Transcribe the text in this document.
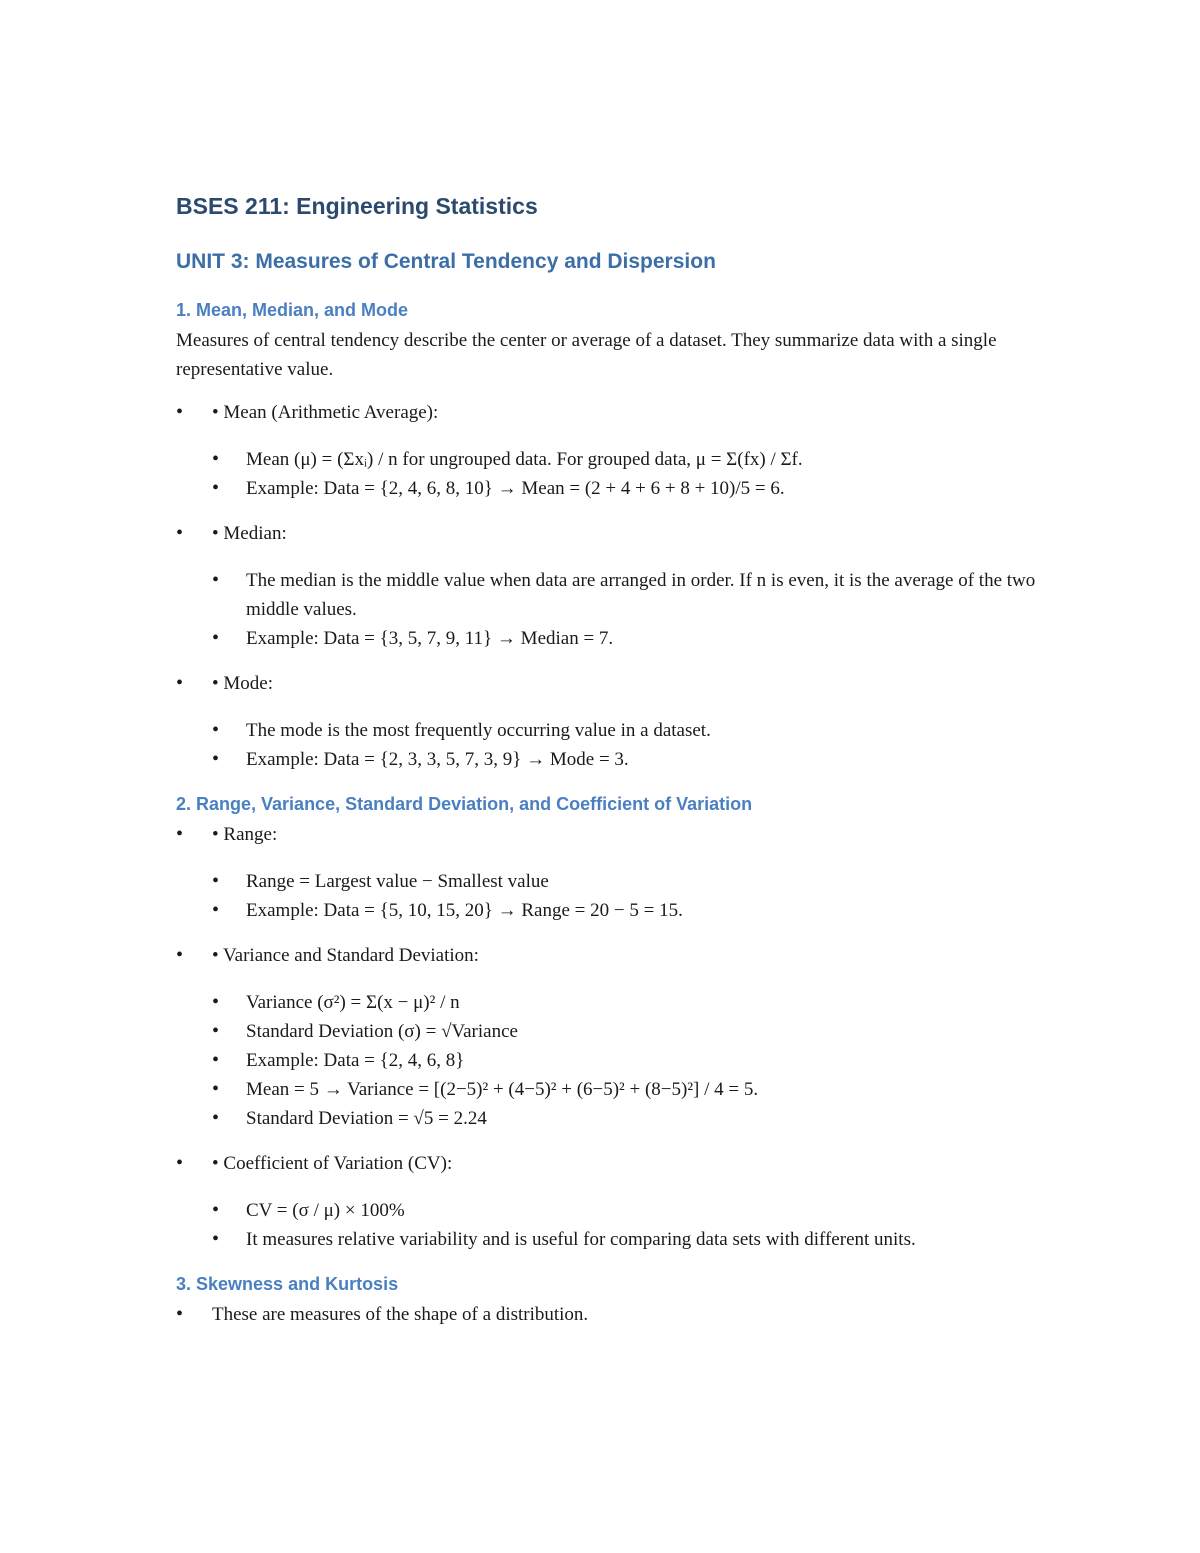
BSES 211: Engineering Statistics
UNIT 3: Measures of Central Tendency and Dispersion
1. Mean, Median, and Mode

Measures of central tendency describe the center or average of a dataset. They summarize data with a single representative value.

• • Mean (Arithmetic Average):
• Mean (μ) = (Σxᵢ) / n for ungrouped data. For grouped data, μ = Σ(fx) / Σf.
• Example: Data = {2, 4, 6, 8, 10} → Mean = (2 + 4 + 6 + 8 + 10)/5 = 6.
• • Median:
• The median is the middle value when data are arranged in order. If n is even, it is the average of the two middle values.
• Example: Data = {3, 5, 7, 9, 11} → Median = 7.
• • Mode:
• The mode is the most frequently occurring value in a dataset.
• Example: Data = {2, 3, 3, 5, 7, 3, 9} → Mode = 3.
2. Range, Variance, Standard Deviation, and Coefficient of Variation
• • Range:
• Range = Largest value − Smallest value
• Example: Data = {5, 10, 15, 20} → Range = 20 − 5 = 15.
• • Variance and Standard Deviation:
• Variance (σ²) = Σ(x − μ)² / n
• Standard Deviation (σ) = √Variance
• Example: Data = {2, 4, 6, 8}
• Mean = 5 → Variance = [(2−5)² + (4−5)² + (6−5)² + (8−5)²] / 4 = 5.
• Standard Deviation = √5 = 2.24
• • Coefficient of Variation (CV):
• CV = (σ / μ) × 100%
• It measures relative variability and is useful for comparing data sets with different units.
3. Skewness and Kurtosis
• These are measures of the shape of a distribution.
